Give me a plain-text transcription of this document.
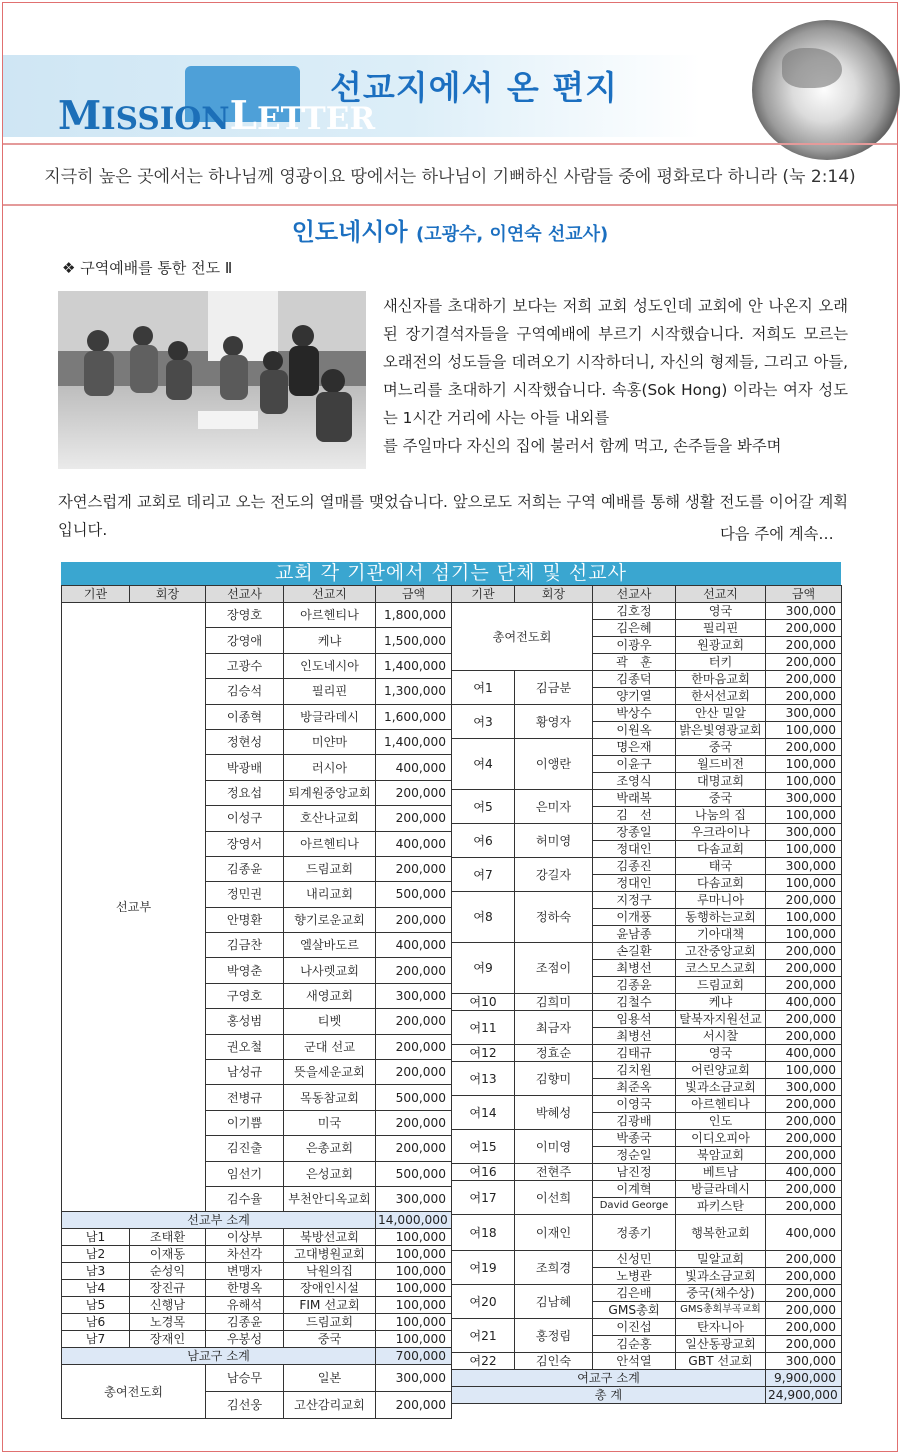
MISSIONLETTER
선교지에서 온 편지
지극히 높은 곳에서는 하나님께 영광이요 땅에서는 하나님이 기뻐하신 사람들 중에 평화로다 하니라 (눅 2:14)
인도네시아 (고광수, 이연숙 선교사)
❖ 구역예배를 통한 전도 Ⅱ
새신자를 초대하기 보다는 저희 교회 성도인데 교회에 안 나온지 오래된 장기결석자들을 구역예배에 부르기 시작했습니다. 저희도 모르는 오래전의 성도들을 데려오기 시작하더니, 자신의 형제들, 그리고 아들, 며느리를 초대하기 시작했습니다. 속홍(Sok Hong) 이라는 여자 성도는 1시간 거리에 사는 아들 내외를
를 주일마다 자신의 집에 불러서 함께 먹고, 손주들을 봐주며
자연스럽게 교회로 데리고 오는 전도의 열매를 맺었습니다. 앞으로도 저희는 구역 예배를 통해 생활 전도를 이어갈 계획입니다.	다음 주에 계속…
교회 각 기관에서 섬기는 단체 및 선교사
기관	회장	선교사	선교지	금액
선교부		장영호	아르헨티나	1,800,000
		강영애	케냐	1,500,000
		고광수	인도네시아	1,400,000
		김승석	필리핀	1,300,000
		이종혁	방글라데시	1,600,000
		정현성	미얀마	1,400,000
		박광배	러시아	400,000
		정요섭	퇴계원중앙교회	200,000
		이성구	호산나교회	200,000
		장영서	아르헨티나	400,000
		김종윤	드림교회	200,000
		정민권	내리교회	500,000
		안명환	향기로운교회	200,000
		김금찬	엘살바도르	400,000
		박영춘	나사렛교회	200,000
		구영호	새영교회	300,000
		홍성범	티벳	200,000
		권오철	군대 선교	200,000
		남성규	뜻을세운교회	200,000
		전병규	목동참교회	500,000
		이기쁨	미국	200,000
		김진출	은총교회	200,000
		임선기	은성교회	500,000
		김수율	부천안디옥교회	300,000
선교부 소계				14,000,000
남1	조태환	이상부	북방선교회	100,000
남2	이재동	차선각	고대병원교회	100,000
남3	순성익	변맹자	낙원의집	100,000
남4	장진규	한명옥	장애인시설	100,000
남5	신행남	유해석	FIM 선교회	100,000
남6	노경목	김종윤	드림교회	100,000
남7	장재인	우봉성	중국	100,000
남교구 소계				700,000
총여전도회		남승무	일본	300,000
		김선웅	고산감리교회	200,000
기관	회장	선교사	선교지	금액
총여전도회		김호정	영국	300,000
		김은혜	필리핀	200,000
		이광우	원광교회	200,000
		곽　훈	터키	200,000
여1	김금분	김종덕	한마음교회	200,000
		양기열	한서선교회	200,000
여3	황영자	박상수	안산 밀알	300,000
		이원옥	밝은빛영광교회	100,000
여4	이앵란	명은재	중국	200,000
		이윤구	월드비전	100,000
		조영식	대명교회	100,000
여5	은미자	박래복	중국	300,000
		김　선	나눔의 집	100,000
여6	허미영	장종일	우크라이나	300,000
		정대인	다솜교회	100,000
여7	강길자	김종진	태국	300,000
		정대인	다솜교회	100,000
여8	정하숙	지정구	루마니아	200,000
		이개풍	동행하는교회	100,000
		윤남종	기아대책	100,000
여9	조점이	손길환	고잔중앙교회	200,000
		최병선	코스모스교회	200,000
		김종윤	드림교회	200,000
여10	김희미	김철수	케냐	400,000
여11	최금자	임용석	탈북자지원선교	200,000
		최병선	서시찰	200,000
여12	정효순	김태규	영국	400,000
여13	김향미	김치원	어린양교회	100,000
		최준옥	빛과소금교회	300,000
여14	박혜성	이영국	아르헨티나	200,000
		김광배	인도	200,000
여15	이미영	박종국	이디오피아	200,000
		정순일	북암교회	200,000
여16	전현주	남진정	베트남	400,000
여17	이선희	이계혁	방글라데시	200,000
		David George	파키스탄	200,000
여18	이재인	정종기	행복한교회	400,000
여19	조희경	신성민	밀알교회	200,000
		노병관	빛과소금교회	200,000
여20	김남혜	김은배	중국(채수상)	200,000
		GMS총회	GMS총회부곡교회	200,000
여21	홍정림	이진섭	탄자니아	200,000
		김순홍	일산동광교회	200,000
여22	김인숙	안석열	GBT 선교회	300,000
여교구 소계				9,900,000
총 계				24,900,000
